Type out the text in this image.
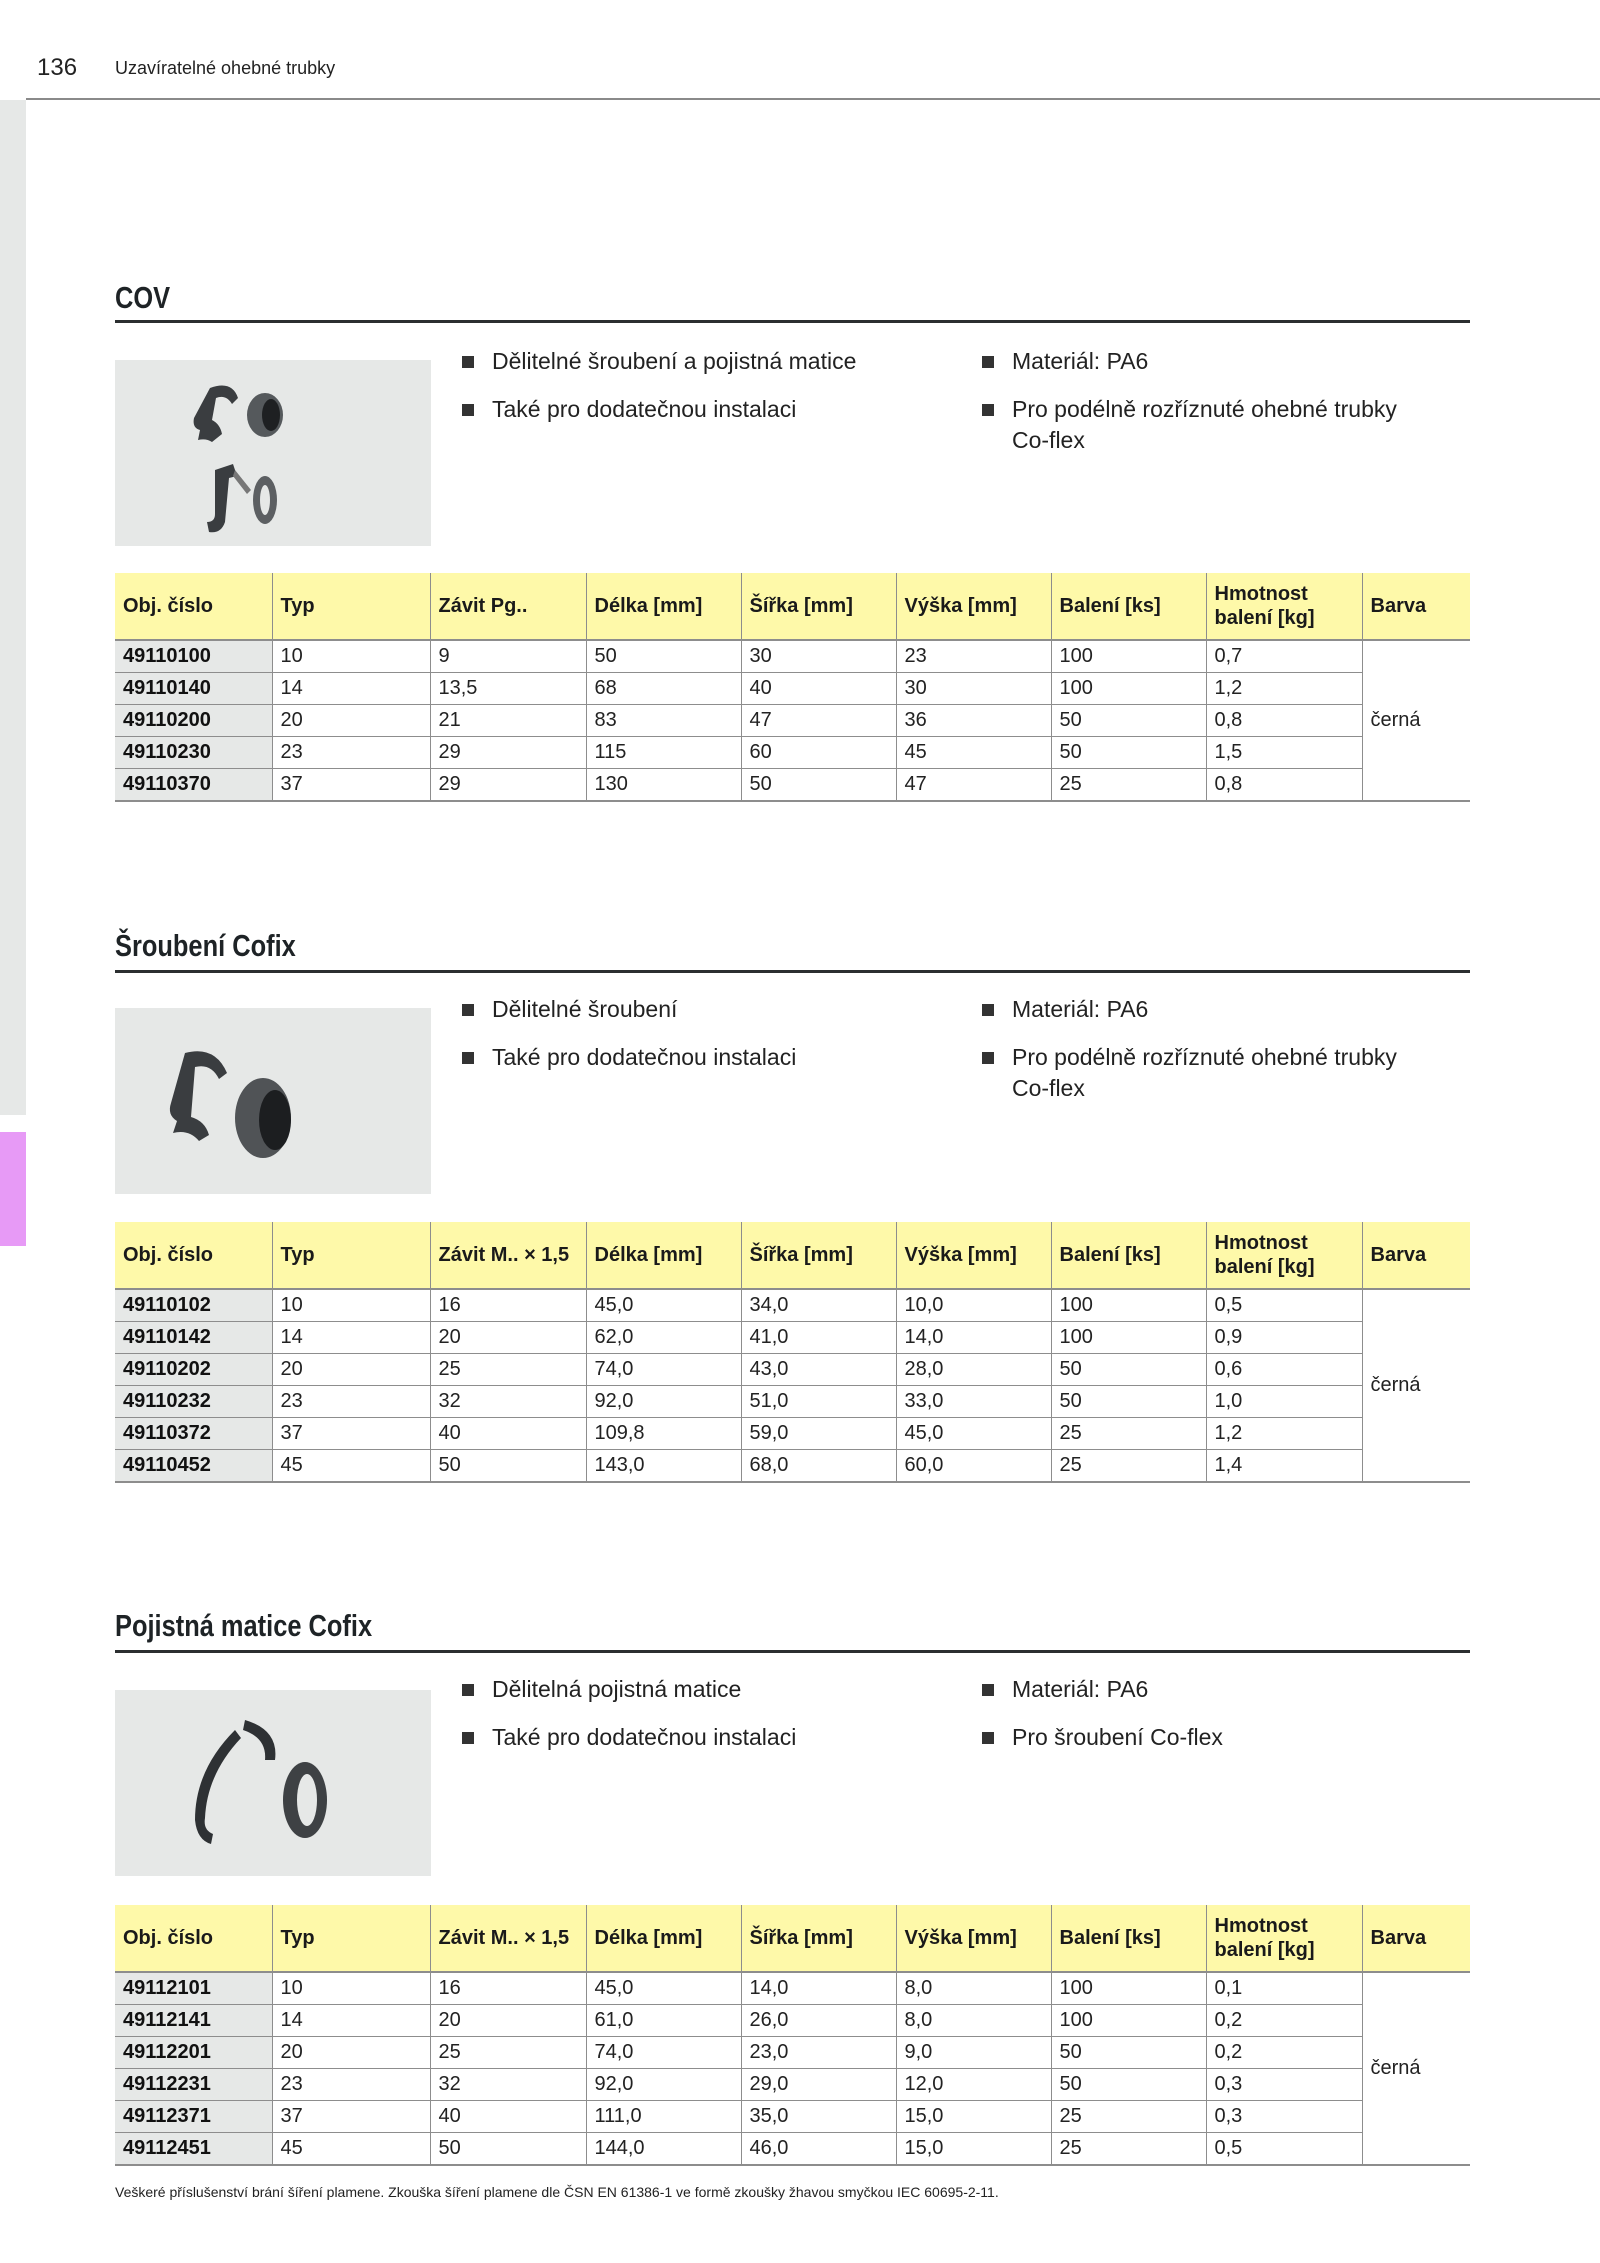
136 Uzavíratelné ohebné trubky
COV
Dělitelné šroubení a pojistná matice
Také pro dodatečnou instalaci
Materiál: PA6
Pro podélně rozříznuté ohebné trubky Co-flex
Obj. číslo	Typ	Závit Pg..	Délka [mm]	Šířka [mm]	Výška [mm]	Balení [ks]	Hmotnost balení [kg]	Barva
49110100	10	9	50	30	23	100	0,7	černá
49110140	14	13,5	68	40	30	100	1,2	
49110200	20	21	83	47	36	50	0,8	
49110230	23	29	115	60	45	50	1,5	
49110370	37	29	130	50	47	25	0,8	
Šroubení Cofix
Dělitelné šroubení
Také pro dodatečnou instalaci
Materiál: PA6
Pro podélně rozříznuté ohebné trubky Co-flex
Obj. číslo	Typ	Závit M.. × 1,5	Délka [mm]	Šířka [mm]	Výška [mm]	Balení [ks]	Hmotnost balení [kg]	Barva
49110102	10	16	45,0	34,0	10,0	100	0,5	černá
49110142	14	20	62,0	41,0	14,0	100	0,9	
49110202	20	25	74,0	43,0	28,0	50	0,6	
49110232	23	32	92,0	51,0	33,0	50	1,0	
49110372	37	40	109,8	59,0	45,0	25	1,2	
49110452	45	50	143,0	68,0	60,0	25	1,4	
Pojistná matice Cofix
Dělitelná pojistná matice
Také pro dodatečnou instalaci
Materiál: PA6
Pro šroubení Co-flex
Obj. číslo	Typ	Závit M.. × 1,5	Délka [mm]	Šířka [mm]	Výška [mm]	Balení [ks]	Hmotnost balení [kg]	Barva
49112101	10	16	45,0	14,0	8,0	100	0,1	černá
49112141	14	20	61,0	26,0	8,0	100	0,2	
49112201	20	25	74,0	23,0	9,0	50	0,2	
49112231	23	32	92,0	29,0	12,0	50	0,3	
49112371	37	40	111,0	35,0	15,0	25	0,3	
49112451	45	50	144,0	46,0	15,0	25	0,5	
Veškeré příslušenství brání šíření plamene. Zkouška šíření plamene dle ČSN EN 61386-1 ve formě zkoušky žhavou smyčkou IEC 60695-2-11.
